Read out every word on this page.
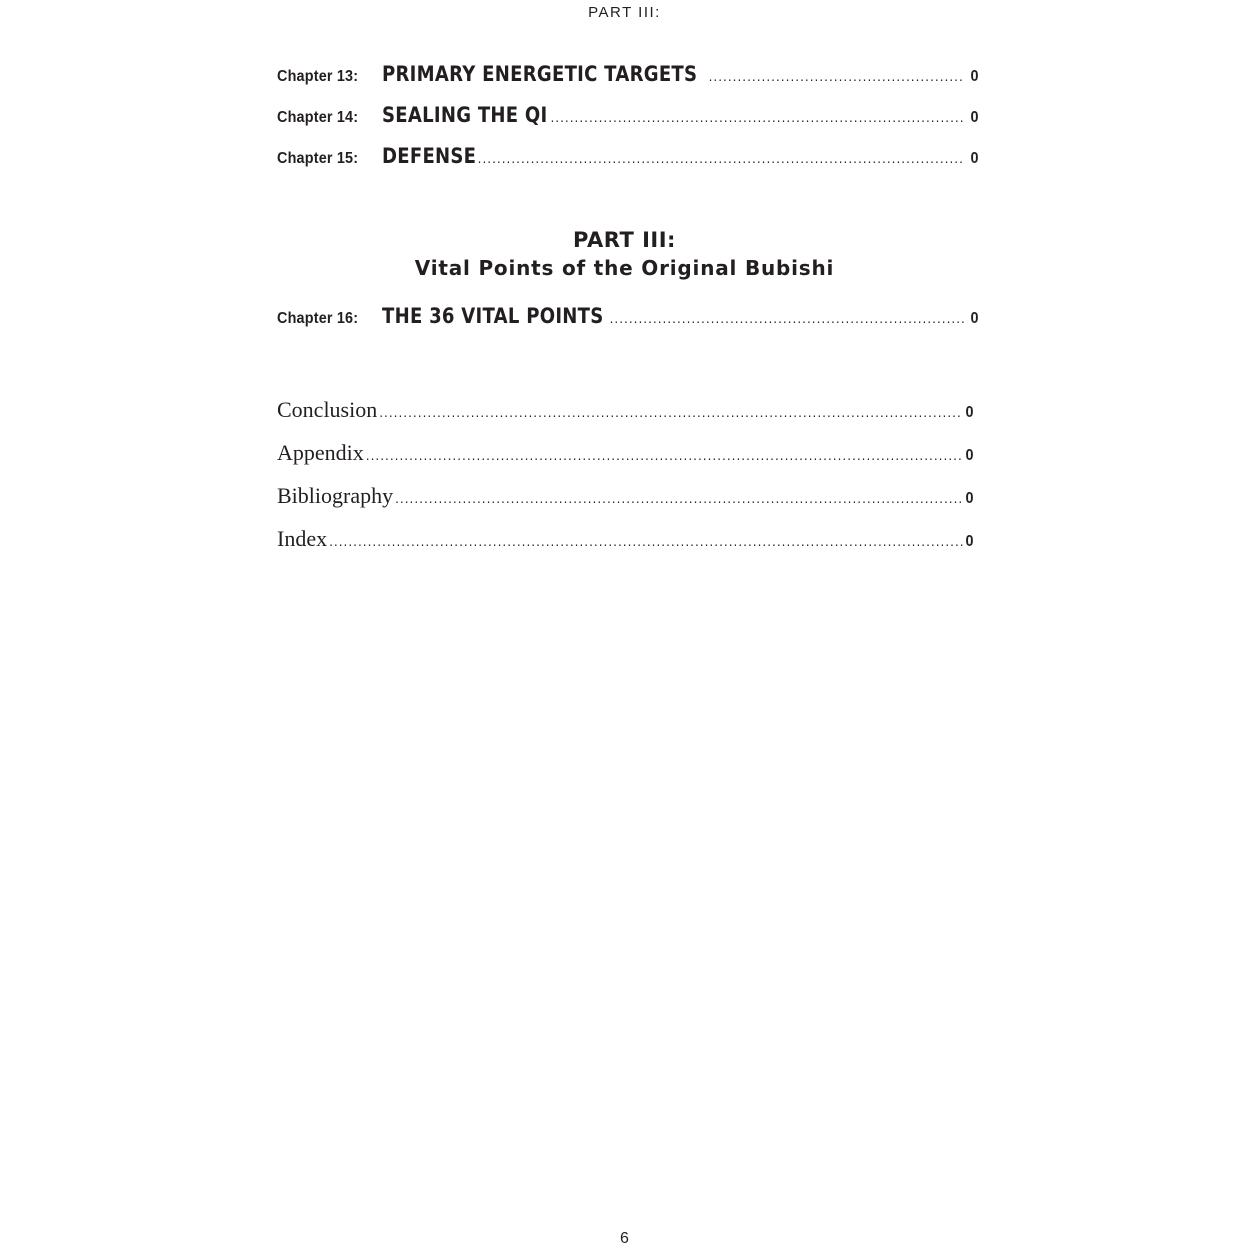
PART III:
Chapter 13:	PRIMARY ENERGETIC TARGETS .....	0
Chapter 14:	SEALING THE QI .....	0
Chapter 15:	DEFENSE .....	0
PART III:
Vital Points of the Original Bubishi
Chapter 16:	THE 36 VITAL POINTS .....	0
Conclusion .....	0
Appendix .....	0
Bibliography .....	0
Index .....	0
6
